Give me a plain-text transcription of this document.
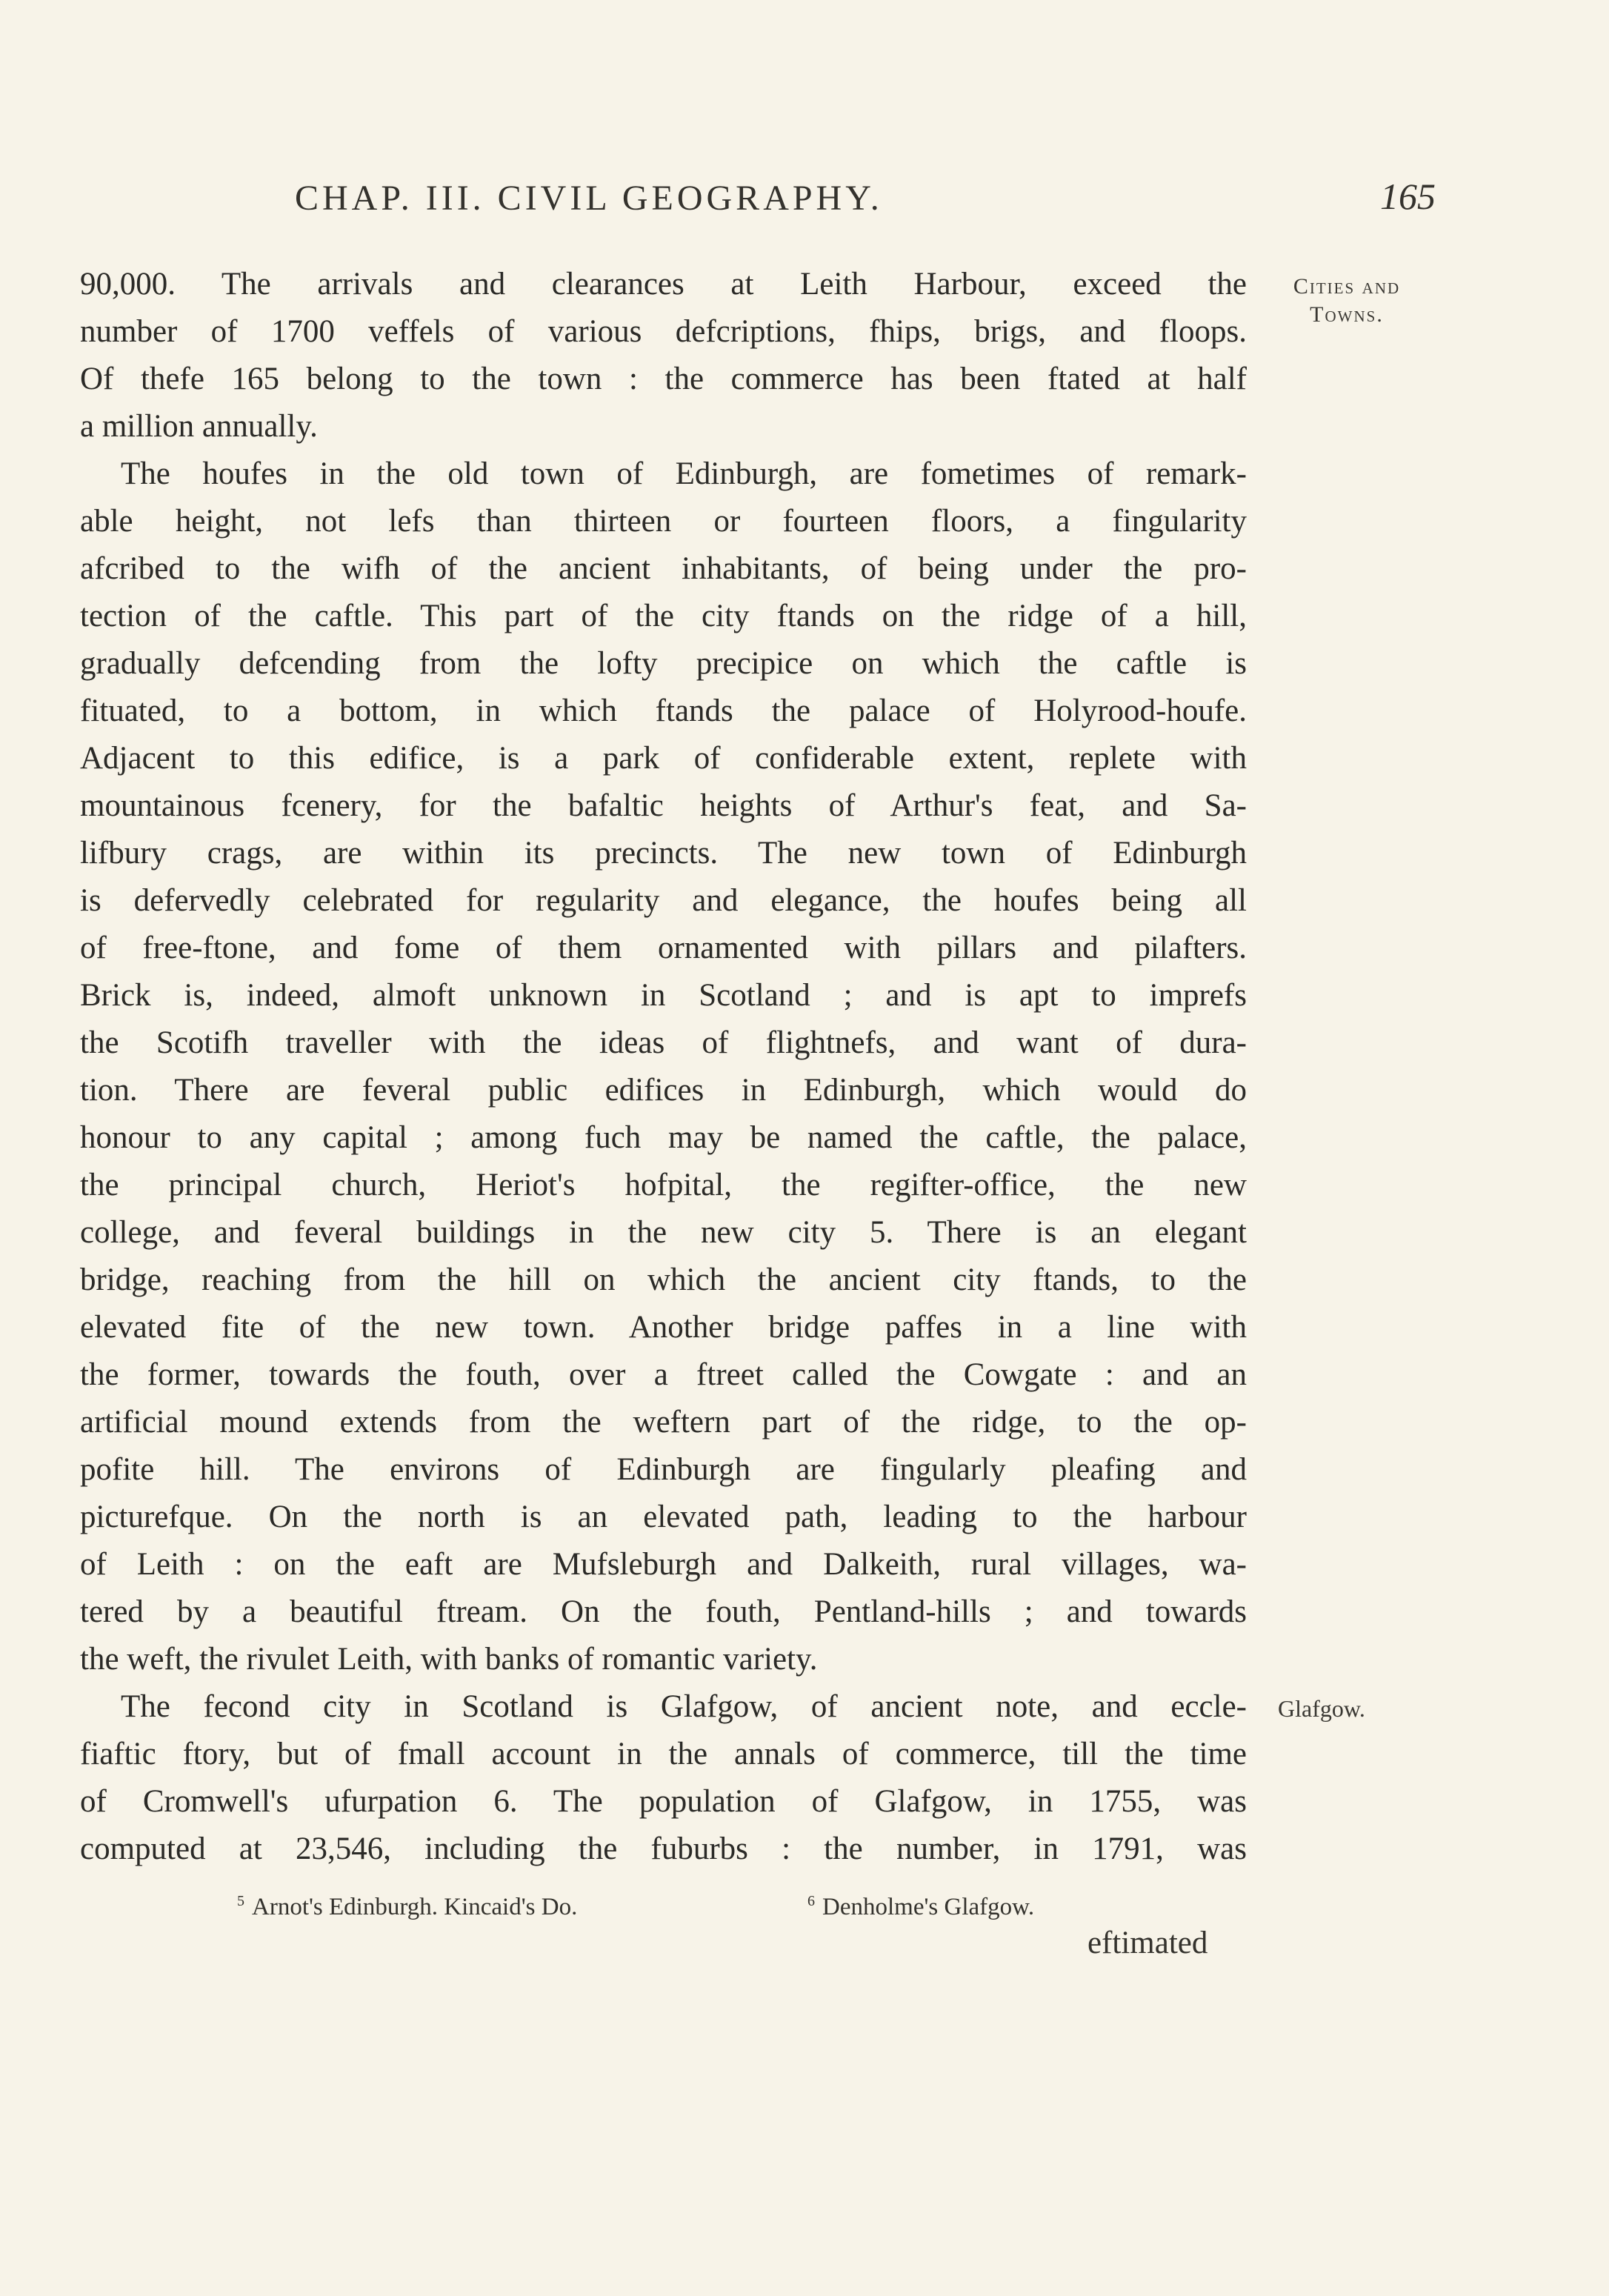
CHAP. III. CIVIL GEOGRAPHY.	165
Cities and Towns.
Glafgow.
90,000. The arrivals and clearances at Leith Harbour, exceed the
number of 1700 veffels of various defcriptions, fhips, brigs, and floops.
Of thefe 165 belong to the town : the commerce has been ftated at half
a million annually.
The houfes in the old town of Edinburgh, are fometimes of remark-
able height, not lefs than thirteen or fourteen floors, a fingularity
afcribed to the wifh of the ancient inhabitants, of being under the pro-
tection of the caftle. This part of the city ftands on the ridge of a hill,
gradually defcending from the lofty precipice on which the caftle is
fituated, to a bottom, in which ftands the palace of Holyrood-houfe.
Adjacent to this edifice, is a park of confiderable extent, replete with
mountainous fcenery, for the bafaltic heights of Arthur's feat, and Sa-
lifbury crags, are within its precincts. The new town of Edinburgh
is defervedly celebrated for regularity and elegance, the houfes being all
of free-ftone, and fome of them ornamented with pillars and pilafters.
Brick is, indeed, almoft unknown in Scotland ; and is apt to imprefs
the Scotifh traveller with the ideas of flightnefs, and want of dura-
tion. There are feveral public edifices in Edinburgh, which would do
honour to any capital ; among fuch may be named the caftle, the palace,
the principal church, Heriot's hofpital, the regifter-office, the new
college, and feveral buildings in the new city 5. There is an elegant
bridge, reaching from the hill on which the ancient city ftands, to the
elevated fite of the new town. Another bridge paffes in a line with
the former, towards the fouth, over a ftreet called the Cowgate : and an
artificial mound extends from the weftern part of the ridge, to the op-
pofite hill. The environs of Edinburgh are fingularly pleafing and
picturefque. On the north is an elevated path, leading to the harbour
of Leith : on the eaft are Mufsleburgh and Dalkeith, rural villages, wa-
tered by a beautiful ftream. On the fouth, Pentland-hills ; and towards
the weft, the rivulet Leith, with banks of romantic variety.
The fecond city in Scotland is Glafgow, of ancient note, and eccle-
fiaftic ftory, but of fmall account in the annals of commerce, till the time
of Cromwell's ufurpation 6. The population of Glafgow, in 1755, was
computed at 23,546, including the fuburbs : the number, in 1791, was
$^5$ Arnot's Edinburgh. Kincaid's Do.	$^6$ Denholme's Glafgow.
eftimated
